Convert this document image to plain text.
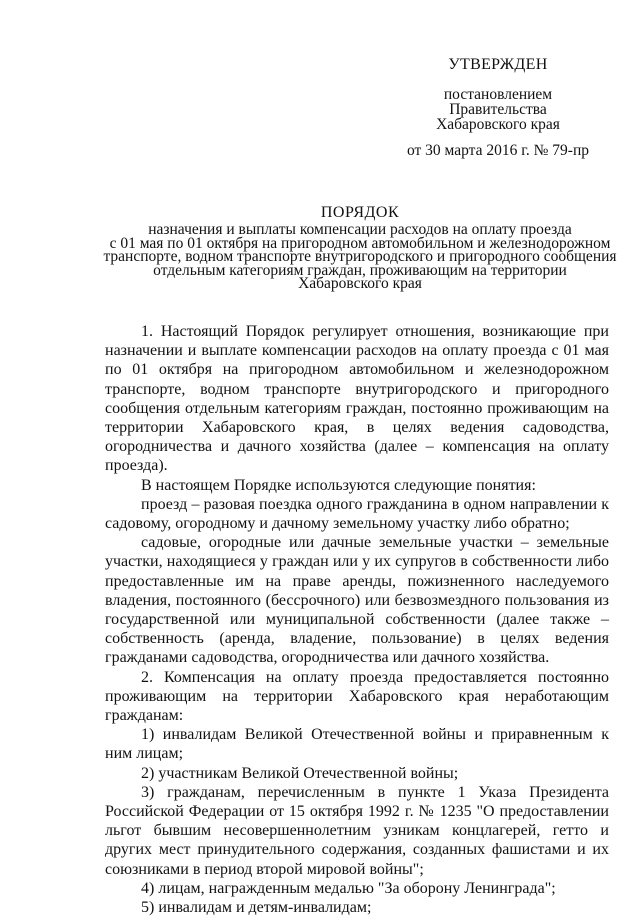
УТВЕРЖДЕН
постановлением
Правительства
Хабаровского края
от 30 марта 2016 г. № 79-пр
ПОРЯДОК
назначения и выплаты компенсации расходов на оплату проезда
с 01 мая по 01 октября на пригородном автомобильном и железнодорожном
транспорте, водном транспорте внутригородского и пригородного сообщения
отдельным категориям граждан, проживающим на территории
Хабаровского края

1. Настоящий Порядок регулирует отношения, возникающие при назначении и выплате компенсации расходов на оплату проезда с 01 мая по 01 октября на пригородном автомобильном и железнодорожном транспорте, водном транспорте внутригородского и пригородного сообщения отдельным категориям граждан, постоянно проживающим на территории Хабаровского края, в целях ведения садоводства, огородничества и дачного хозяйства (далее – компенсация на оплату проезда).

В настоящем Порядке используются следующие понятия:

проезд – разовая поездка одного гражданина в одном направлении к садовому, огородному и дачному земельному участку либо обратно;

садовые, огородные или дачные земельные участки – земельные участки, находящиеся у граждан или у их супругов в собственности либо предоставленные им на праве аренды, пожизненного наследуемого владения, постоянного (бессрочного) или безвозмездного пользования из государственной или муниципальной собственности (далее также – собственность (аренда, владение, пользование) в целях ведения гражданами садоводства, огородничества или дачного хозяйства.

2. Компенсация на оплату проезда предоставляется постоянно проживающим на территории Хабаровского края неработающим гражданам:

1) инвалидам Великой Отечественной войны и приравненным к ним лицам;

2) участникам Великой Отечественной войны;

3) гражданам, перечисленным в пункте 1 Указа Президента Российской Федерации от 15 октября 1992 г. № 1235 "О предоставлении льгот бывшим несовершеннолетним узникам концлагерей, гетто и других мест принудительного содержания, созданных фашистами и их союзниками в период второй мировой войны";

4) лицам, награжденным медалью "За оборону Ленинграда";

5) инвалидам и детям-инвалидам;
